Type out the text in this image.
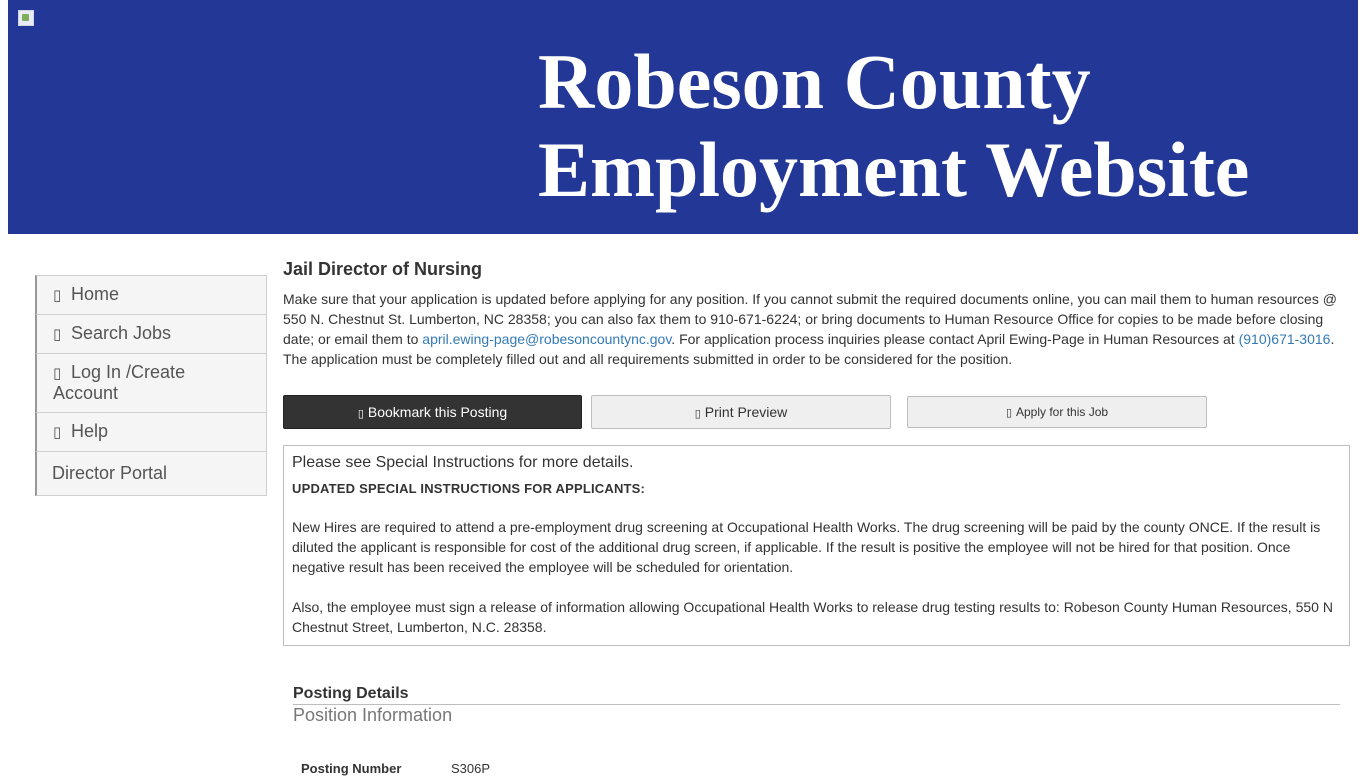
Robeson County
Employment Website
▯ Home
▯ Search Jobs
▯ Log In /Create Account
▯ Help
Director Portal
Jail Director of Nursing
Make sure that your application is updated before applying for any position. If you cannot submit the required documents online, you can mail them to human resources @ 550 N. Chestnut St. Lumberton, NC 28358; you can also fax them to 910-671-6224; or bring documents to Human Resource Office for copies to be made before closing date; or email them to april.ewing-page@robesoncountync.gov. For application process inquiries please contact April Ewing-Page in Human Resources at (910)671-3016. The application must be completely filled out and all requirements submitted in order to be considered for the position.
▯ Bookmark this Posting	▯ Print Preview	▯ Apply for this Job
Please see Special Instructions for more details.
UPDATED SPECIAL INSTRUCTIONS FOR APPLICANTS:
New Hires are required to attend a pre-employment drug screening at Occupational Health Works. The drug screening will be paid by the county ONCE. If the result is diluted the applicant is responsible for cost of the additional drug screen, if applicable. If the result is positive the employee will not be hired for that position. Once negative result has been received the employee will be scheduled for orientation.
Also, the employee must sign a release of information allowing Occupational Health Works to release drug testing results to: Robeson County Human Resources, 550 N Chestnut Street, Lumberton, N.C. 28358.
Posting Details
Position Information
Posting Number	S306P
